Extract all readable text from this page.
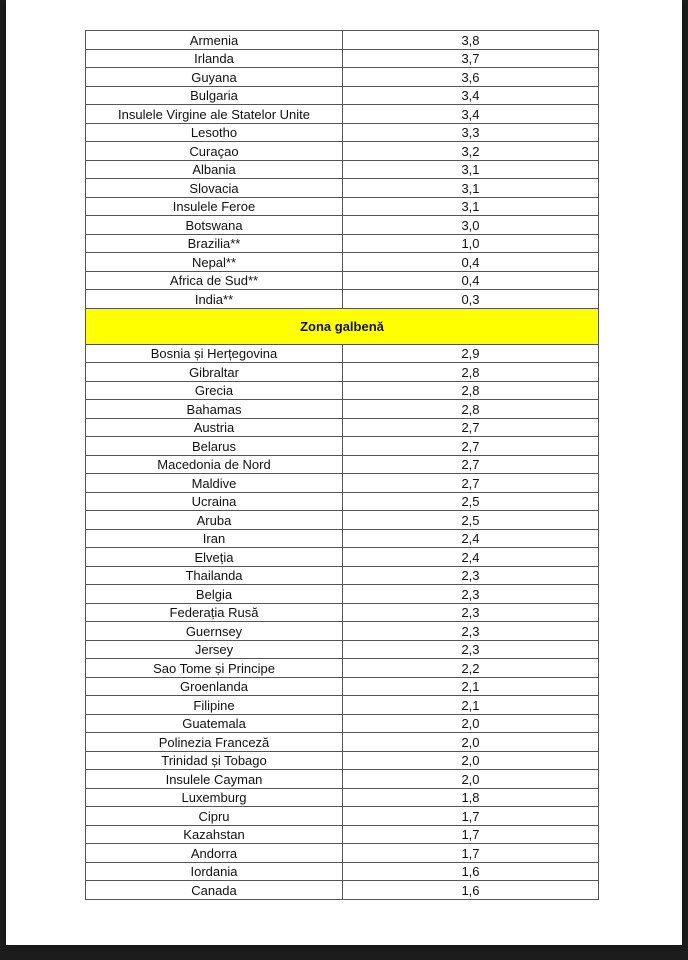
Armenia	3,8
Irlanda	3,7
Guyana	3,6
Bulgaria	3,4
Insulele Virgine ale Statelor Unite	3,4
Lesotho	3,3
Curaçao	3,2
Albania	3,1
Slovacia	3,1
Insulele Feroe	3,1
Botswana	3,0
Brazilia**	1,0
Nepal**	0,4
Africa de Sud**	0,4
India**	0,3
Zona galbenă	
Bosnia și Herțegovina	2,9
Gibraltar	2,8
Grecia	2,8
Bahamas	2,8
Austria	2,7
Belarus	2,7
Macedonia de Nord	2,7
Maldive	2,7
Ucraina	2,5
Aruba	2,5
Iran	2,4
Elveția	2,4
Thailanda	2,3
Belgia	2,3
Federația Rusă	2,3
Guernsey	2,3
Jersey	2,3
Sao Tome și Principe	2,2
Groenlanda	2,1
Filipine	2,1
Guatemala	2,0
Polinezia Franceză	2,0
Trinidad și Tobago	2,0
Insulele Cayman	2,0
Luxemburg	1,8
Cipru	1,7
Kazahstan	1,7
Andorra	1,7
Iordania	1,6
Canada	1,6
